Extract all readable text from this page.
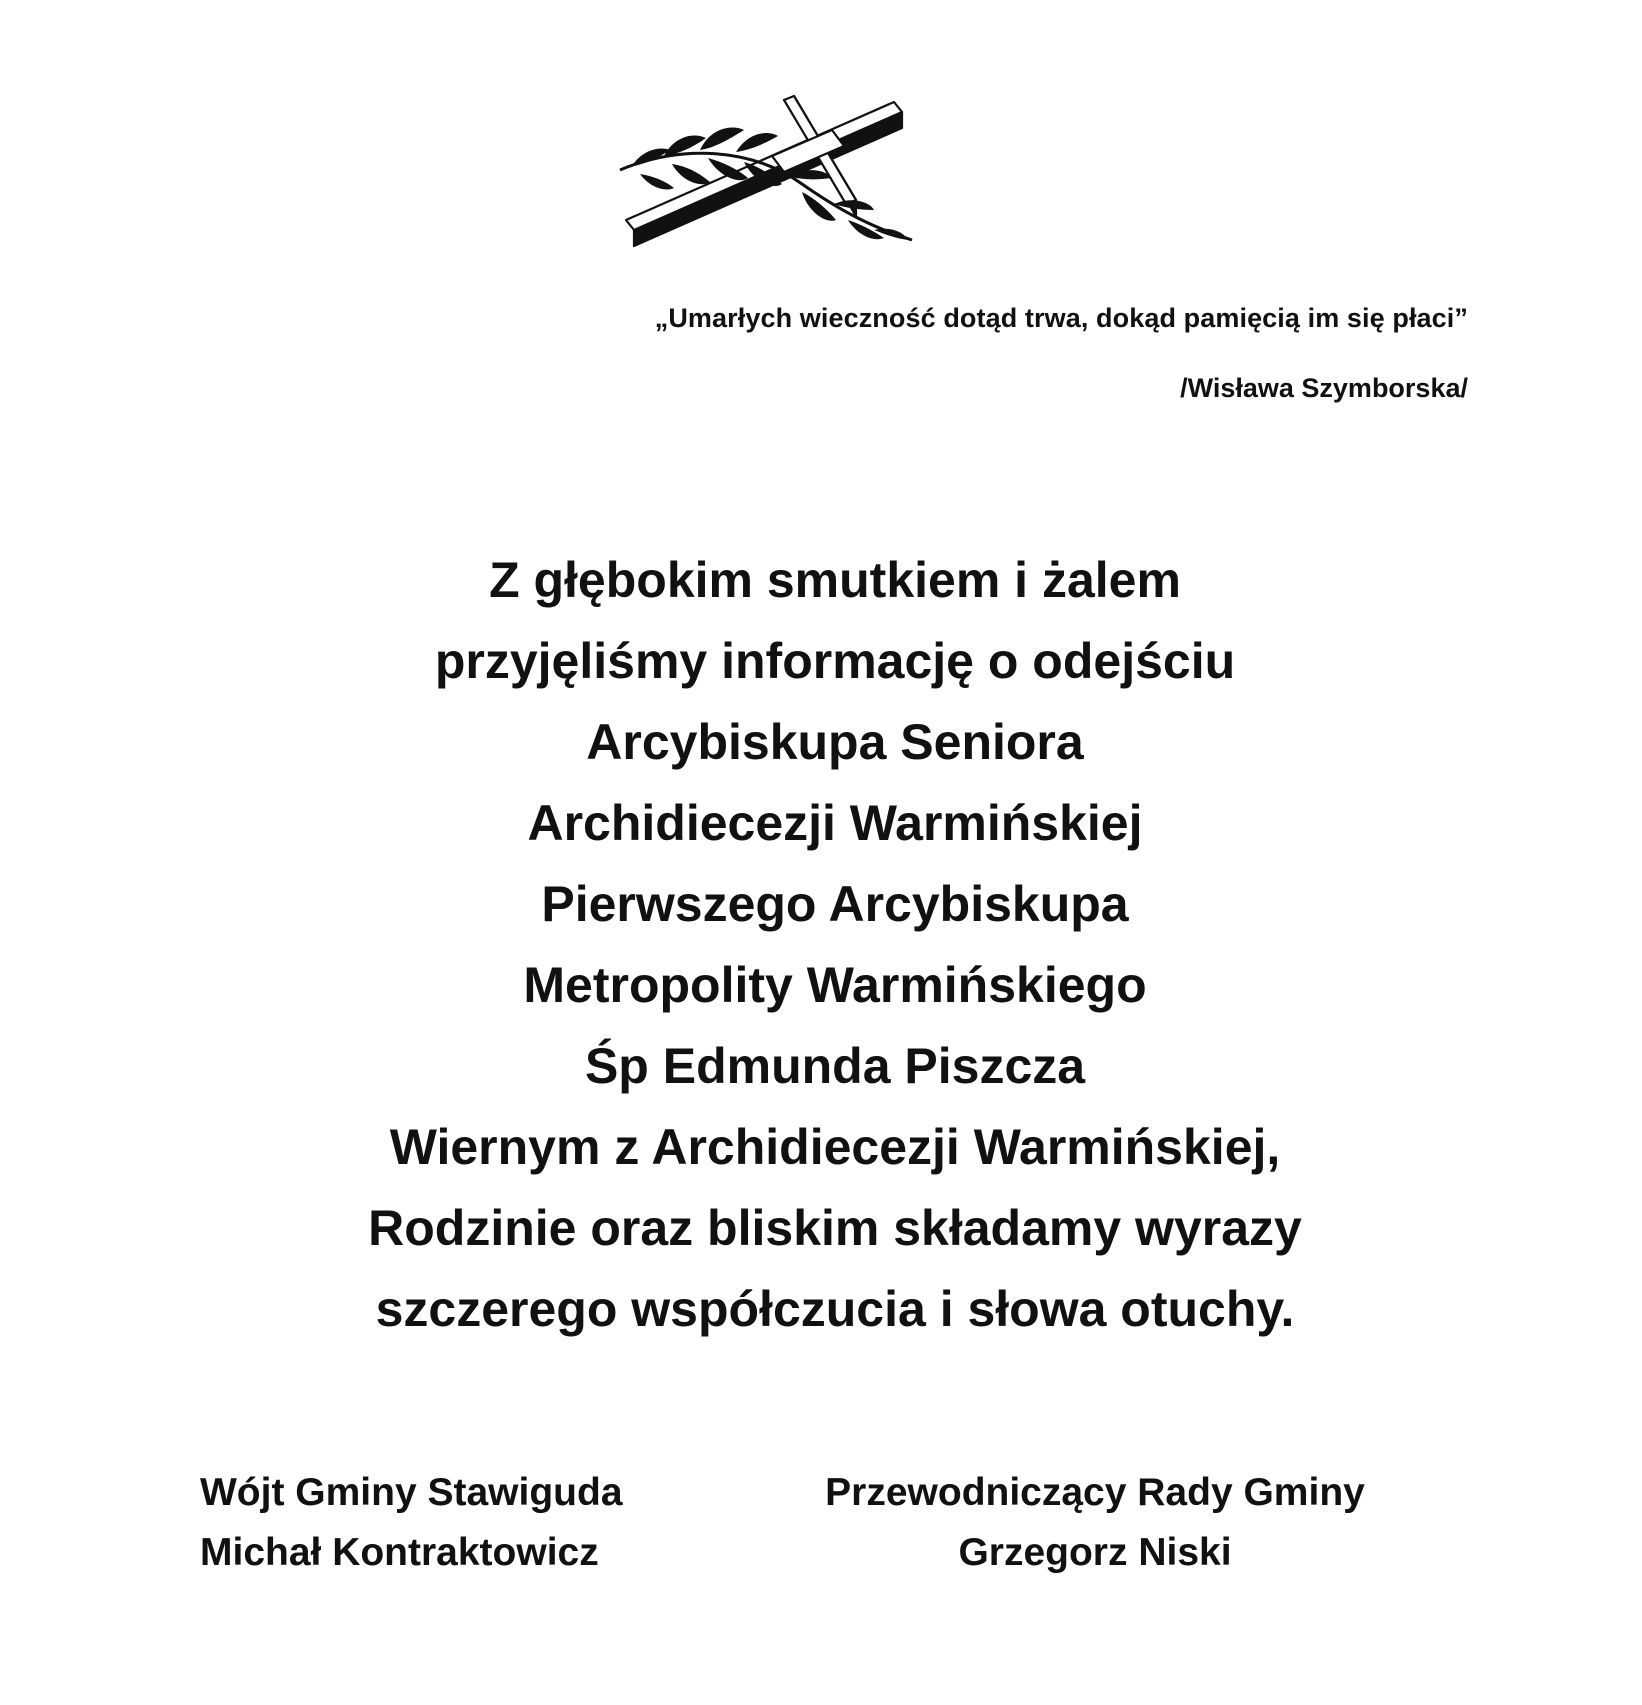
„Umarłych wieczność dotąd trwa, dokąd pamięcią im się płaci”
/Wisława Szymborska/
Z głębokim smutkiem i żalem
przyjęliśmy informację o odejściu
Arcybiskupa Seniora
Archidiecezji Warmińskiej
Pierwszego Arcybiskupa
Metropolity Warmińskiego
Śp Edmunda Piszcza
Wiernym z Archidiecezji Warmińskiej,
Rodzinie oraz bliskim składamy wyrazy
szczerego współczucia i słowa otuchy.
Wójt Gminy Stawiguda
Michał Kontraktowicz
Przewodniczący Rady Gminy
Grzegorz Niski
